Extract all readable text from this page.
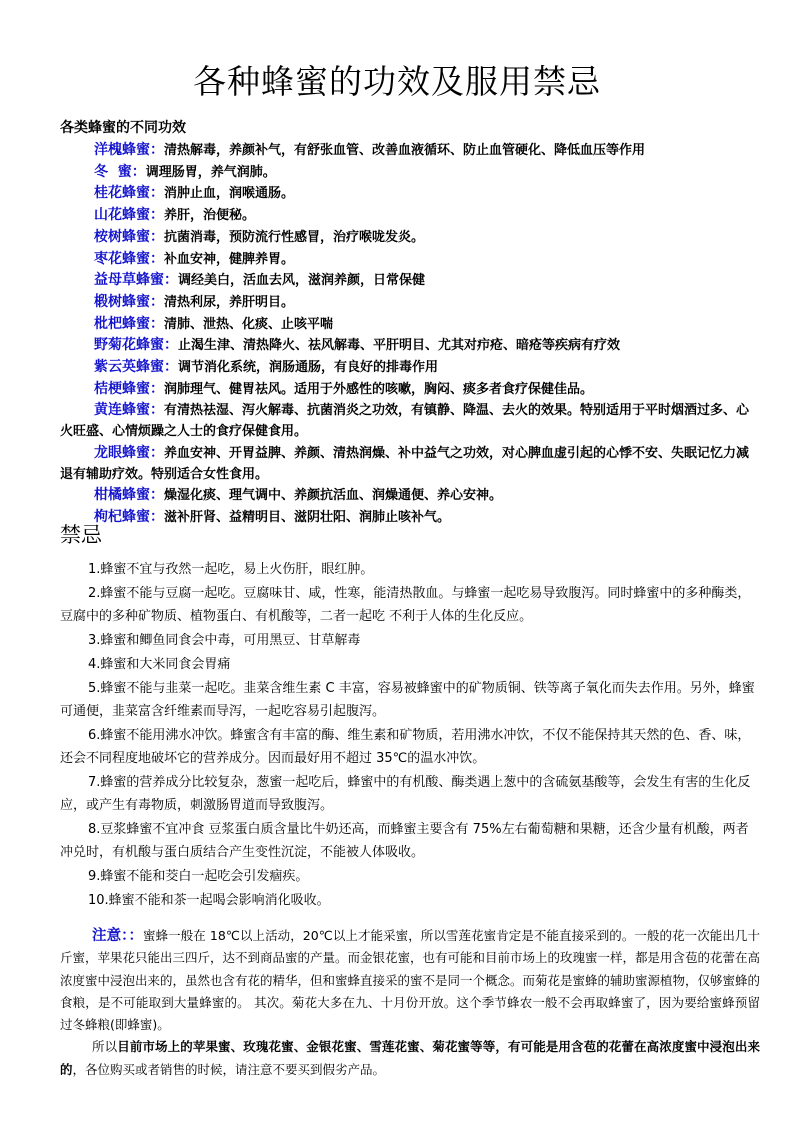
各种蜂蜜的功效及服用禁忌
各类蜂蜜的不同功效
洋槐蜂蜜：清热解毒，养颜补气，有舒张血管、改善血液循环、防止血管硬化、降低血压等作用
冬  蜜：调理肠胃，养气润肺。
桂花蜂蜜：消肿止血，润喉通肠。
山花蜂蜜：养肝，治便秘。
桉树蜂蜜：抗菌消毒，预防流行性感冒，治疗喉咙发炎。
枣花蜂蜜：补血安神，健脾养胃。
益母草蜂蜜：调经美白，活血去风，滋润养颜，日常保健
椴树蜂蜜：清热利尿，养肝明目。
枇杷蜂蜜：清肺、泄热、化痰、止咳平喘
野菊花蜂蜜：止渴生津、清热降火、祛风解毒、平肝明目、尤其对疖疮、暗疮等疾病有疗效
紫云英蜂蜜：调节消化系统，润肠通肠，有良好的排毒作用
桔梗蜂蜜：润肺理气、健胃祛风。适用于外感性的咳嗽，胸闷、痰多者食疗保健佳品。
黄连蜂蜜：有清热祛湿、泻火解毒、抗菌消炎之功效，有镇静、降温、去火的效果。特别适用于平时烟酒过多、心火旺盛、心情烦躁之人士的食疗保健食用。
龙眼蜂蜜：养血安神、开胃益脾、养颜、清热润燥、补中益气之功效，对心脾血虚引起的心悸不安、失眠记忆力减退有辅助疗效。特别适合女性食用。
柑橘蜂蜜：燥湿化痰、理气调中、养颜抗活血、润燥通便、养心安神。
枸杞蜂蜜：滋补肝肾、益精明目、滋阴壮阳、润肺止咳补气。
禁忌

1.蜂蜜不宜与孜然一起吃，易上火伤肝，眼红肿。

2.蜂蜜不能与豆腐一起吃。豆腐味甘、咸，性寒，能清热散血。与蜂蜜一起吃易导致腹泻。同时蜂蜜中的多种酶类，豆腐中的多种矿物质、植物蛋白、有机酸等，二者一起吃 不利于人体的生化反应。

3.蜂蜜和鲫鱼同食会中毒，可用黑豆、甘草解毒

4.蜂蜜和大米同食会胃痛

5.蜂蜜不能与韭菜一起吃。韭菜含维生素 C 丰富，容易被蜂蜜中的矿物质铜、铁等离子氧化而失去作用。另外，蜂蜜可通便，韭菜富含纤维素而导泻，一起吃容易引起腹泻。

6.蜂蜜不能用沸水冲饮。蜂蜜含有丰富的酶、维生素和矿物质，若用沸水冲饮，不仅不能保持其天然的色、香、味，还会不同程度地破坏它的营养成分。因而最好用不超过 35℃的温水冲饮。

7.蜂蜜的营养成分比较复杂，葱蜜一起吃后，蜂蜜中的有机酸、酶类遇上葱中的含硫氨基酸等，会发生有害的生化反应，或产生有毒物质，刺激肠胃道而导致腹泻。

8.豆浆蜂蜜不宜冲食 豆浆蛋白质含量比牛奶还高，而蜂蜜主要含有 75%左右葡萄糖和果糖，还含少量有机酸，两者冲兑时，有机酸与蛋白质结合产生变性沉淀，不能被人体吸收。

9.蜂蜜不能和茭白一起吃会引发痼疾。

10.蜂蜜不能和茶一起喝会影响消化吸收。

注意：：蜜蜂一般在 18℃以上活动，20℃以上才能采蜜，所以雪莲花蜜肯定是不能直接采到的。一般的花一次能出几十斤蜜，苹果花只能出三四斤，达不到商品蜜的产量。而金银花蜜，也有可能和目前市场上的玫瑰蜜一样，都是用含苞的花蕾在高浓度蜜中浸泡出来的，虽然也含有花的精华，但和蜜蜂直接采的蜜不是同一个概念。而菊花是蜜蜂的辅助蜜源植物，仅够蜜蜂的食粮，是不可能取到大量蜂蜜的。 其次。菊花大多在九、十月份开放。这个季节蜂农一般不会再取蜂蜜了，因为要给蜜蜂预留过冬蜂粮(即蜂蜜)。

所以目前市场上的苹果蜜、玫瑰花蜜、金银花蜜、雪莲花蜜、菊花蜜等等，有可能是用含苞的花蕾在高浓度蜜中浸泡出来的，各位购买或者销售的时候，请注意不要买到假劣产品。
